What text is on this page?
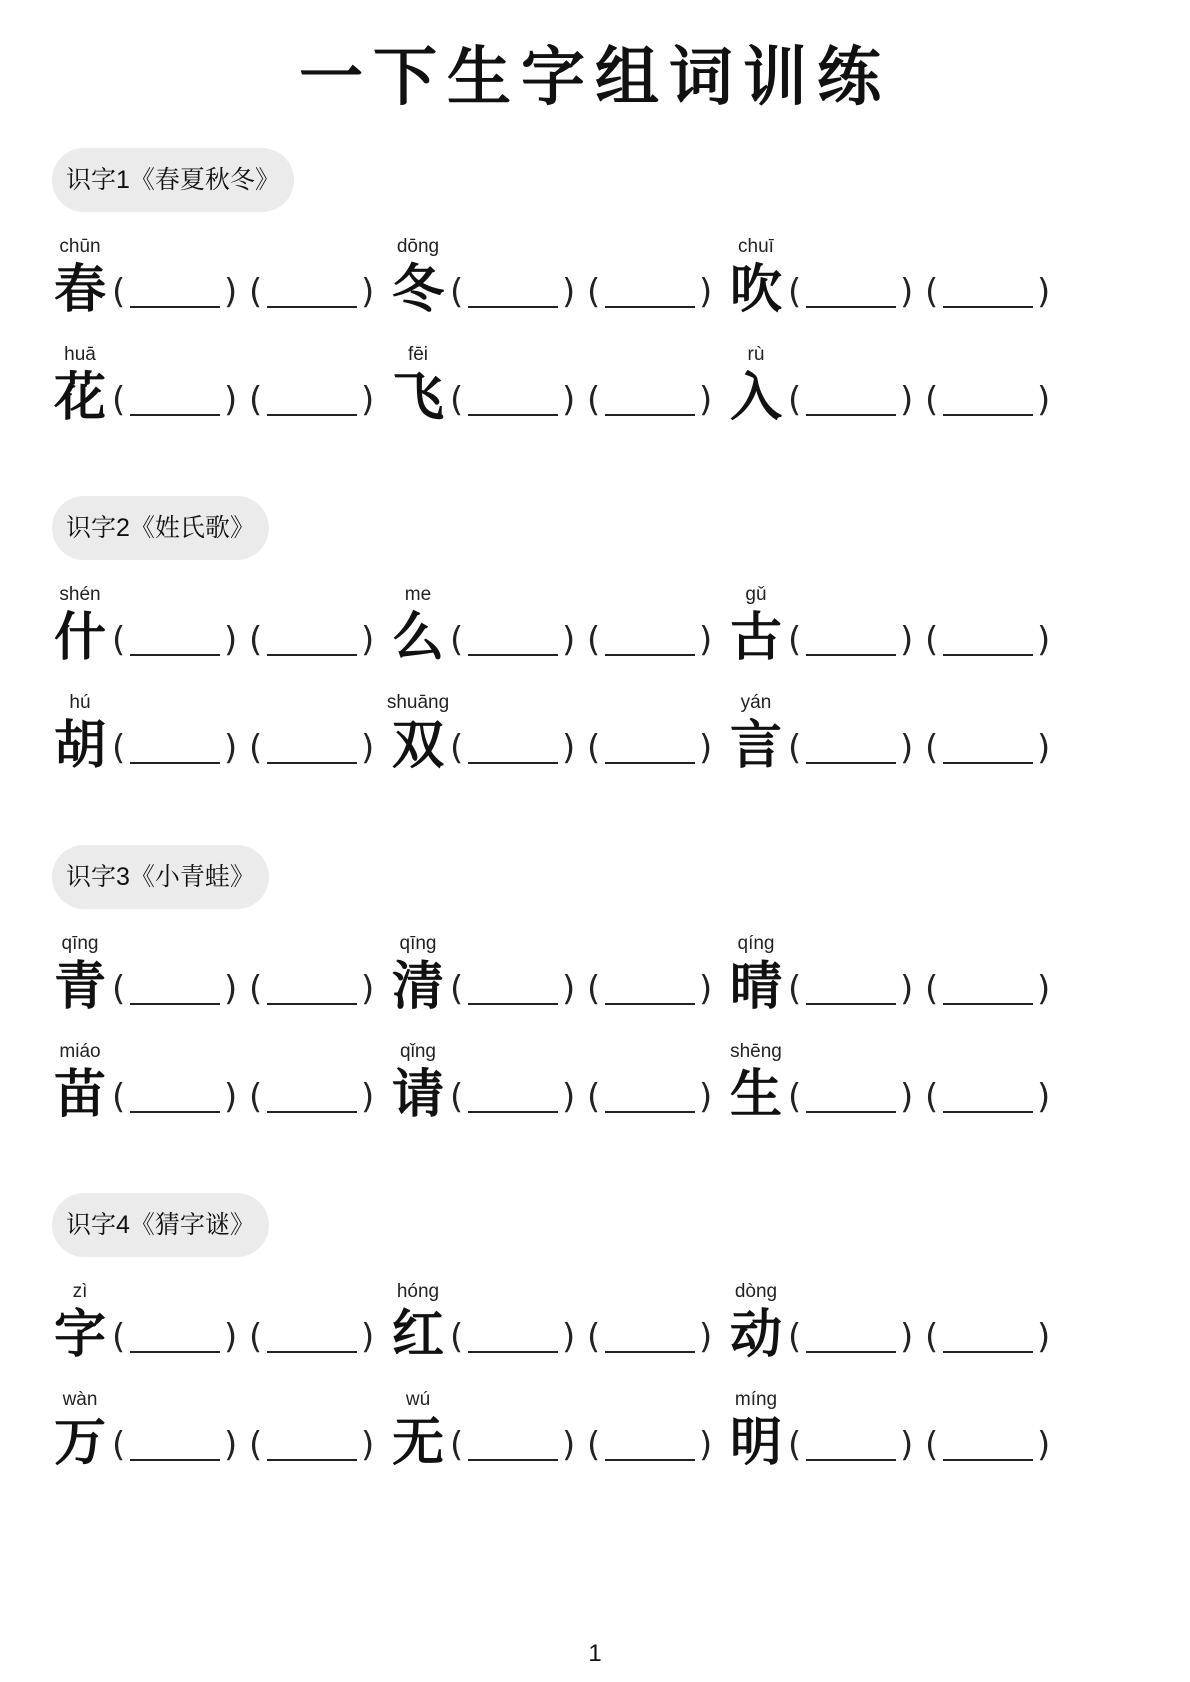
一下生字组词训练
识字1《春夏秋冬》
chūn
春 (	) (	)
dōng
冬 (	) (	)
chuī
吹 (	) (	)
huā
花 (	) (	)
fēi
飞 (	) (	)
rù
入 (	) (	)
识字2《姓氏歌》
shén
什 (	) (	)
me
么 (	) (	)
gǔ
古 (	) (	)
hú
胡 (	) (	)
shuāng
双 (	) (	)
yán
言 (	) (	)
识字3《小青蛙》
qīng
青 (	) (	)
qīng
清 (	) (	)
qíng
晴 (	) (	)
miáo
苗 (	) (	)
qǐng
请 (	) (	)
shēng
生 (	) (	)
识字4《猜字谜》
zì
字 (	) (	)
hóng
红 (	) (	)
dòng
动 (	) (	)
wàn
万 (	) (	)
wú
无 (	) (	)
míng
明 (	) (	)
1
